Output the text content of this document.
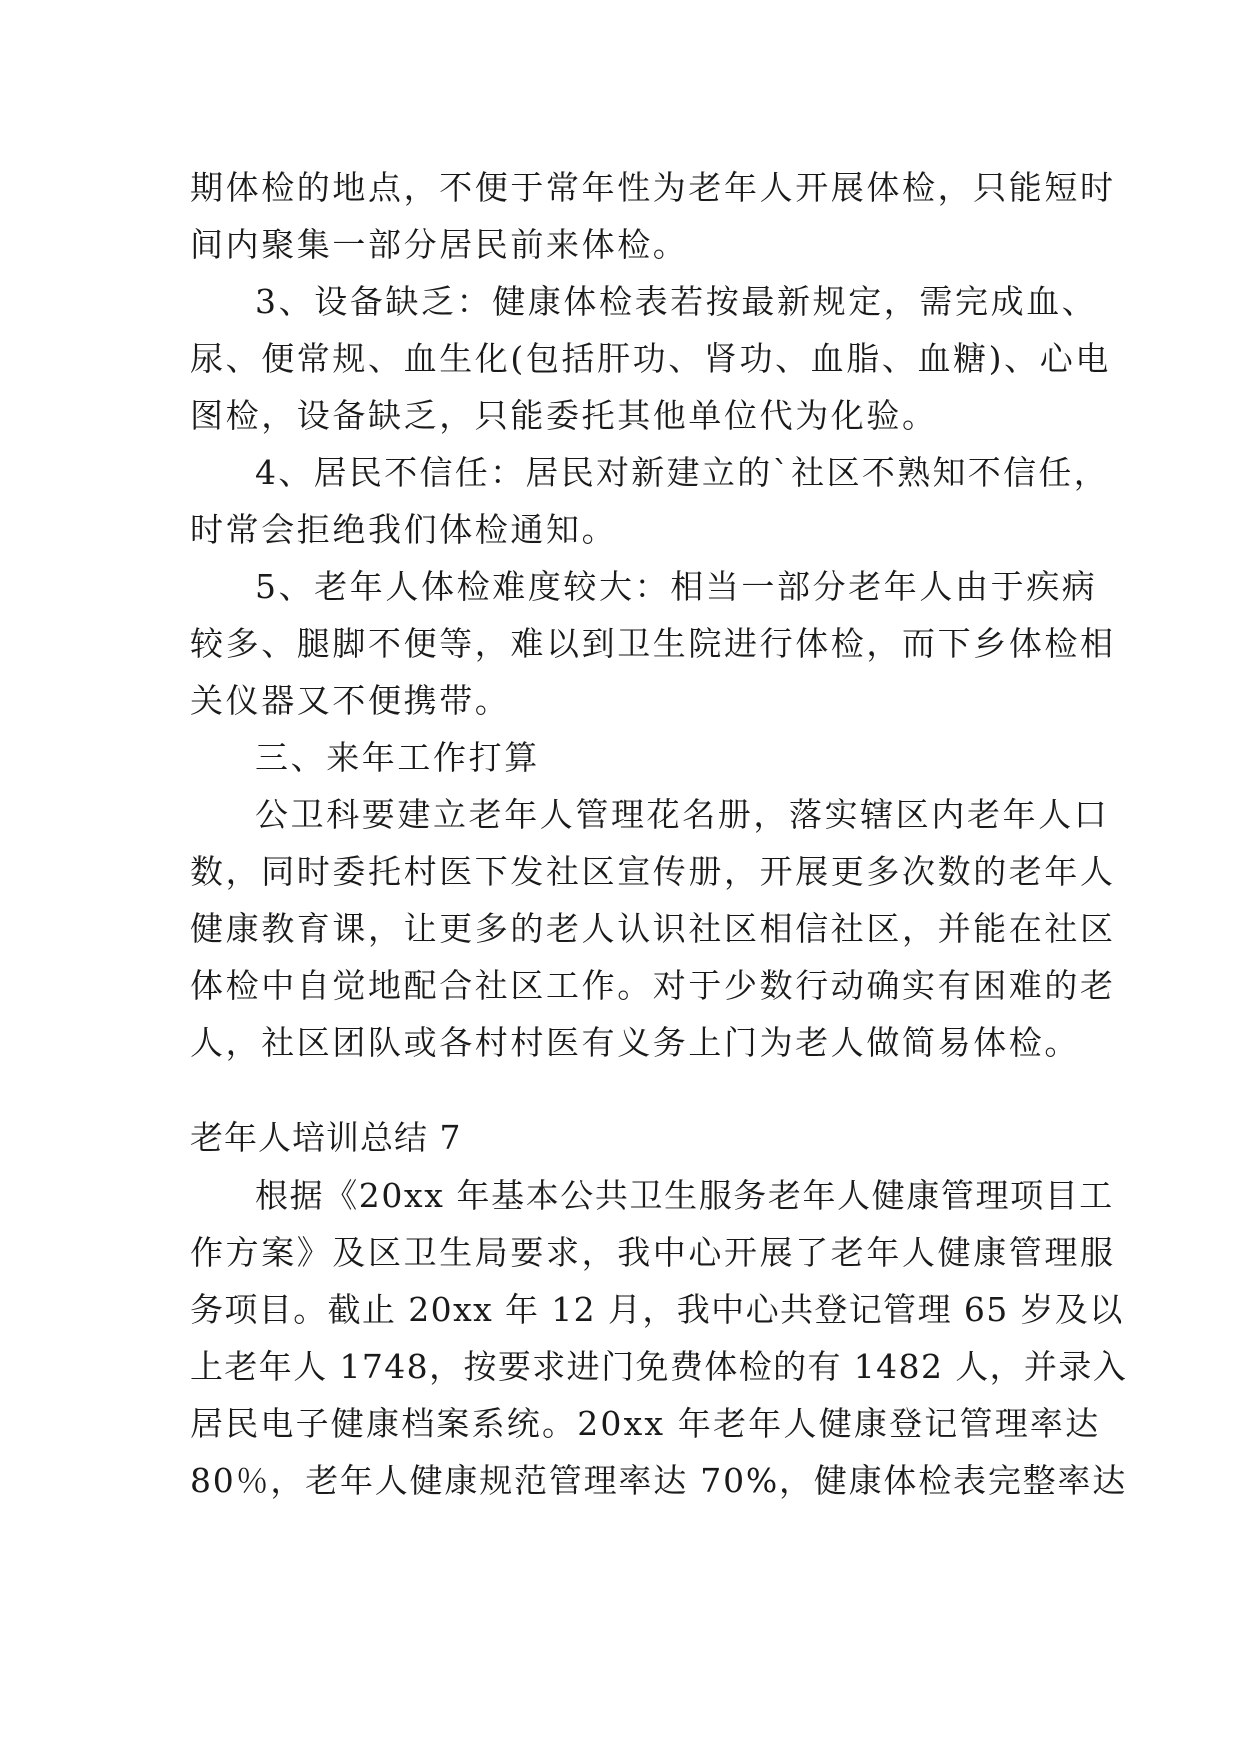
期体检的地点，不便于常年性为老年人开展体检，只能短时
间内聚集一部分居民前来体检。
3、设备缺乏：健康体检表若按最新规定，需完成血、
尿、便常规、血生化(包括肝功、肾功、血脂、血糖)、心电
图检，设备缺乏，只能委托其他单位代为化验。
4、居民不信任：居民对新建立的`社区不熟知不信任，
时常会拒绝我们体检通知。
5、老年人体检难度较大：相当一部分老年人由于疾病
较多、腿脚不便等，难以到卫生院进行体检，而下乡体检相
关仪器又不便携带。
三、来年工作打算
公卫科要建立老年人管理花名册，落实辖区内老年人口
数，同时委托村医下发社区宣传册，开展更多次数的老年人
健康教育课，让更多的老人认识社区相信社区，并能在社区
体检中自觉地配合社区工作。对于少数行动确实有困难的老
人，社区团队或各村村医有义务上门为老人做简易体检。
老年人培训总结 7
根据《20xx 年基本公共卫生服务老年人健康管理项目工
作方案》及区卫生局要求，我中心开展了老年人健康管理服
务项目。截止 20xx 年 12 月，我中心共登记管理 65 岁及以
上老年人 1748，按要求进门免费体检的有 1482 人，并录入
居民电子健康档案系统。20xx 年老年人健康登记管理率达
80％，老年人健康规范管理率达 70%，健康体检表完整率达
